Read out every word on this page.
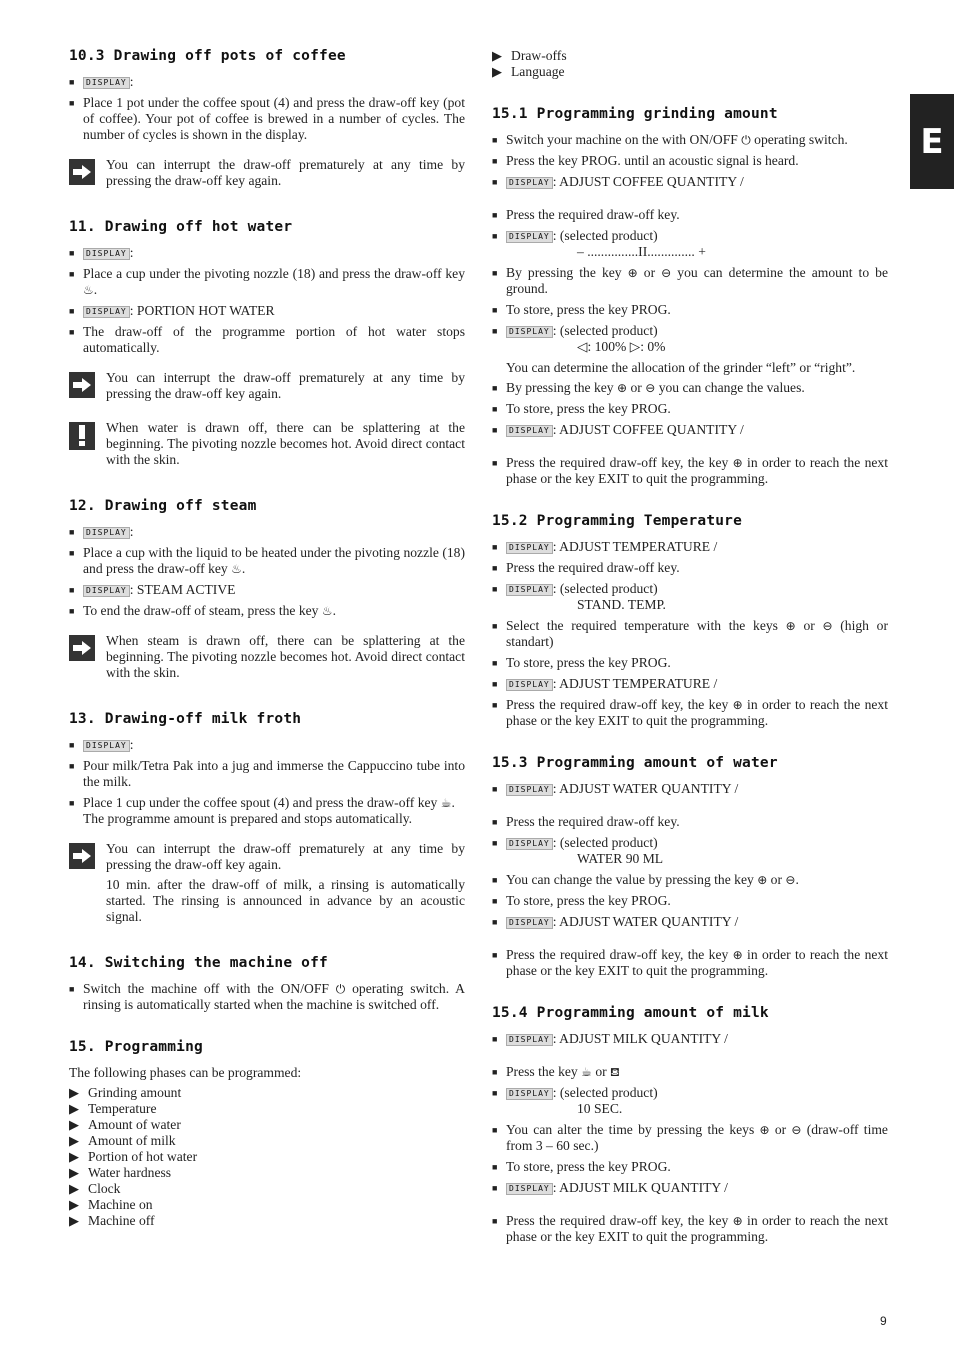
E
10.3 Drawing off pots of coffee
■	DISPLAY :
■ Place 1 pot under the coffee spout (4) and press the draw-off key (pot of coffee). Your pot of coffee is brewed in a number of cycles. The number of cycles is shown in the display.

You can interrupt the draw-off prematurely at any time by pressing the draw-off key again.

11. Drawing off hot water
■	DISPLAY :
■ Place a cup under the pivoting nozzle (18) and press the draw-off key ♨.
■	DISPLAY : PORTION HOT WATER
■ The draw-off of the programme portion of hot water stops automatically.

You can interrupt the draw-off prematurely at any time by pressing the draw-off key again.

When water is drawn off, there can be splattering at the beginning. The pivoting nozzle becomes hot. Avoid direct contact with the skin.

12. Drawing off steam
■	DISPLAY :
■ Place a cup with the liquid to be heated under the pivoting nozzle (18) and press the draw-off key ♨.
■	DISPLAY : STEAM ACTIVE
■ To end the draw-off of steam, press the key ♨.

When steam is drawn off, there can be splattering at the beginning. The pivoting nozzle becomes hot. Avoid direct contact with the skin.

13. Drawing-off milk froth
■	DISPLAY :
■ Pour milk/Tetra Pak into a jug and immerse the Cappuccino tube into the milk.
■ Place 1 cup under the coffee spout (4) and press the draw-off key ☕.
The programme amount is prepared and stops automatically.

You can interrupt the draw-off prematurely at any time by pressing the draw-off key again.

10 min. after the draw-off of milk, a rinsing is automatically started. The rinsing is announced in advance by an acoustic signal.

14. Switching the machine off
■ Switch the machine off with the ON/OFF ⏻ operating switch. A rinsing is automatically started when the machine is switched off.
15. Programming
The following phases can be programmed:
▶ Grinding amount
▶ Temperature
▶ Amount of water
▶ Amount of milk
▶ Portion of hot water
▶ Water hardness
▶ Clock
▶ Machine on
▶ Machine off
▶ Draw-offs
▶ Language
15.1 Programming grinding amount
■ Switch your machine on the with ON/OFF ⏻ operating switch.
■ Press the key PROG. until an acoustic signal is heard.
■	DISPLAY : ADJUST COFFEE QUANTITY /
■ Press the required draw-off key.
■	DISPLAY : (selected product)
– ...............II.............. +
■ By pressing the key ⊕ or ⊖ you can determine the amount to be ground.
■ To store, press the key PROG.
■	DISPLAY : (selected product)
◁: 100% ▷: 0%
You can determine the allocation of the grinder “left” or “right”.
■ By pressing the key ⊕ or ⊖ you can change the values.
■ To store, press the key PROG.
■	DISPLAY : ADJUST COFFEE QUANTITY /
■ Press the required draw-off key, the key ⊕ in order to reach the next phase or the key EXIT to quit the programming.
15.2 Programming Temperature
■	DISPLAY : ADJUST TEMPERATURE /
■ Press the required draw-off key.
■	DISPLAY : (selected product)
STAND. TEMP.
■ Select the required temperature with the keys ⊕ or ⊖ (high or standart)
■ To store, press the key PROG.
■	DISPLAY : ADJUST TEMPERATURE /
■ Press the required draw-off key, the key ⊕ in order to reach the next phase or the key EXIT to quit the programming.
15.3 Programming amount of water
■	DISPLAY : ADJUST WATER QUANTITY /
■ Press the required draw-off key.
■	DISPLAY : (selected product)
WATER 90 ML
■ You can change the value by pressing the key ⊕ or ⊖.
■ To store, press the key PROG.
■	DISPLAY : ADJUST WATER QUANTITY /
■ Press the required draw-off key, the key ⊕ in order to reach the next phase or the key EXIT to quit the programming.
15.4 Programming amount of milk
■	DISPLAY : ADJUST MILK QUANTITY /
■ Press the key ☕ or ⛾
■	DISPLAY : (selected product)
10 SEC.
■ You can alter the time by pressing the keys ⊕ or ⊖ (draw-off time from 3 – 60 sec.)
■ To store, press the key PROG.
■	DISPLAY : ADJUST MILK QUANTITY /
■ Press the required draw-off key, the key ⊕ in order to reach the next phase or the key EXIT to quit the programming.
9
